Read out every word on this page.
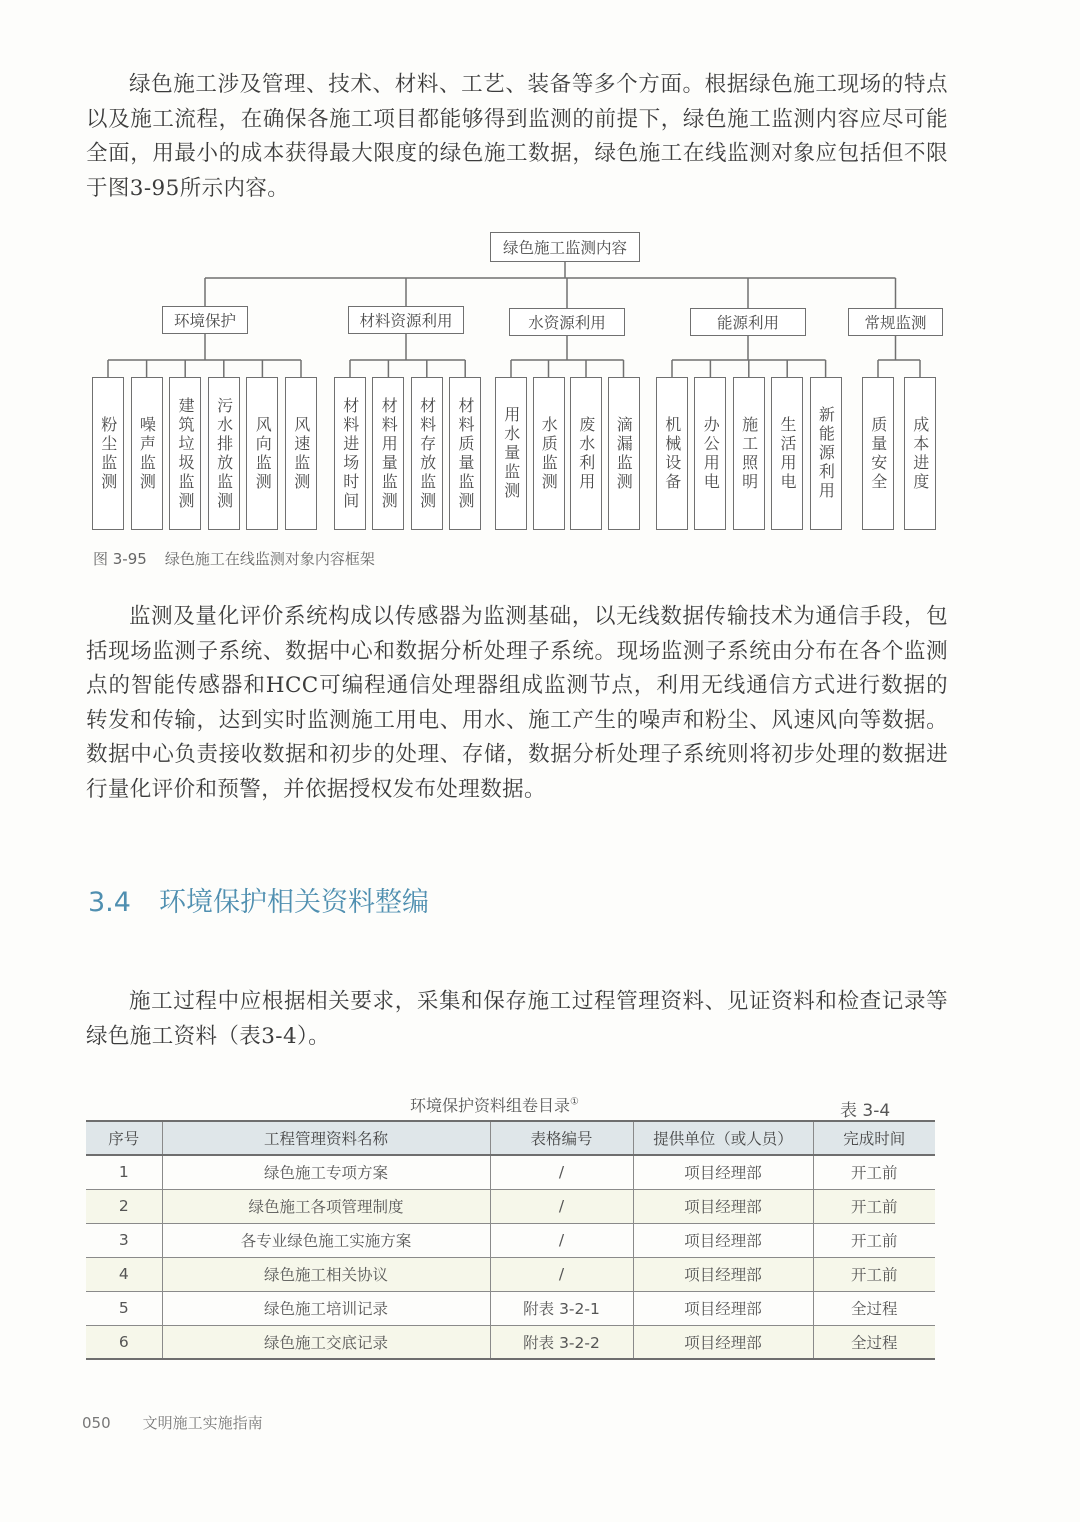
绿色施工涉及管理、技术、材料、工艺、装备等多个方面。根据绿色施工现场的特点以及施工流程，在确保各施工项目都能够得到监测的前提下，绿色施工监测内容应尽可能全面，用最小的成本获得最大限度的绿色施工数据，绿色施工在线监测对象应包括但不限于图3-95所示内容。

绿色施工监测内容
环境保护
粉尘监测	噪声监测	建筑垃圾监测	污水排放监测	风向监测	风速监测
材料资源利用
材料进场时间	材料用量监测	材料存放监测	材料质量监测
水资源利用
用水量监测	水质监测	废水利用	滴漏监测
能源利用
机械设备	办公用电	施工照明	生活用电	新能源利用
常规监测
质量安全	成本进度
图 3-95 绿色施工在线监测对象内容框架

监测及量化评价系统构成以传感器为监测基础，以无线数据传输技术为通信手段，包括现场监测子系统、数据中心和数据分析处理子系统。现场监测子系统由分布在各个监测点的智能传感器和HCC可编程通信处理器组成监测节点，利用无线通信方式进行数据的转发和传输，达到实时监测施工用电、用水、施工产生的噪声和粉尘、风速风向等数据。数据中心负责接收数据和初步的处理、存储，数据分析处理子系统则将初步处理的数据进行量化评价和预警，并依据授权发布处理数据。

3.4 环境保护相关资料整编

施工过程中应根据相关要求，采集和保存施工过程管理资料、见证资料和检查记录等绿色施工资料（表3-4）。

环境保护资料组卷目录①	表 3-4
序号	工程管理资料名称	表格编号	提供单位（或人员）	完成时间
1	绿色施工专项方案	/	项目经理部	开工前
2	绿色施工各项管理制度	/	项目经理部	开工前
3	各专业绿色施工实施方案	/	项目经理部	开工前
4	绿色施工相关协议	/	项目经理部	开工前
5	绿色施工培训记录	附表 3-2-1	项目经理部	全过程
6	绿色施工交底记录	附表 3-2-2	项目经理部	全过程
050 文明施工实施指南
